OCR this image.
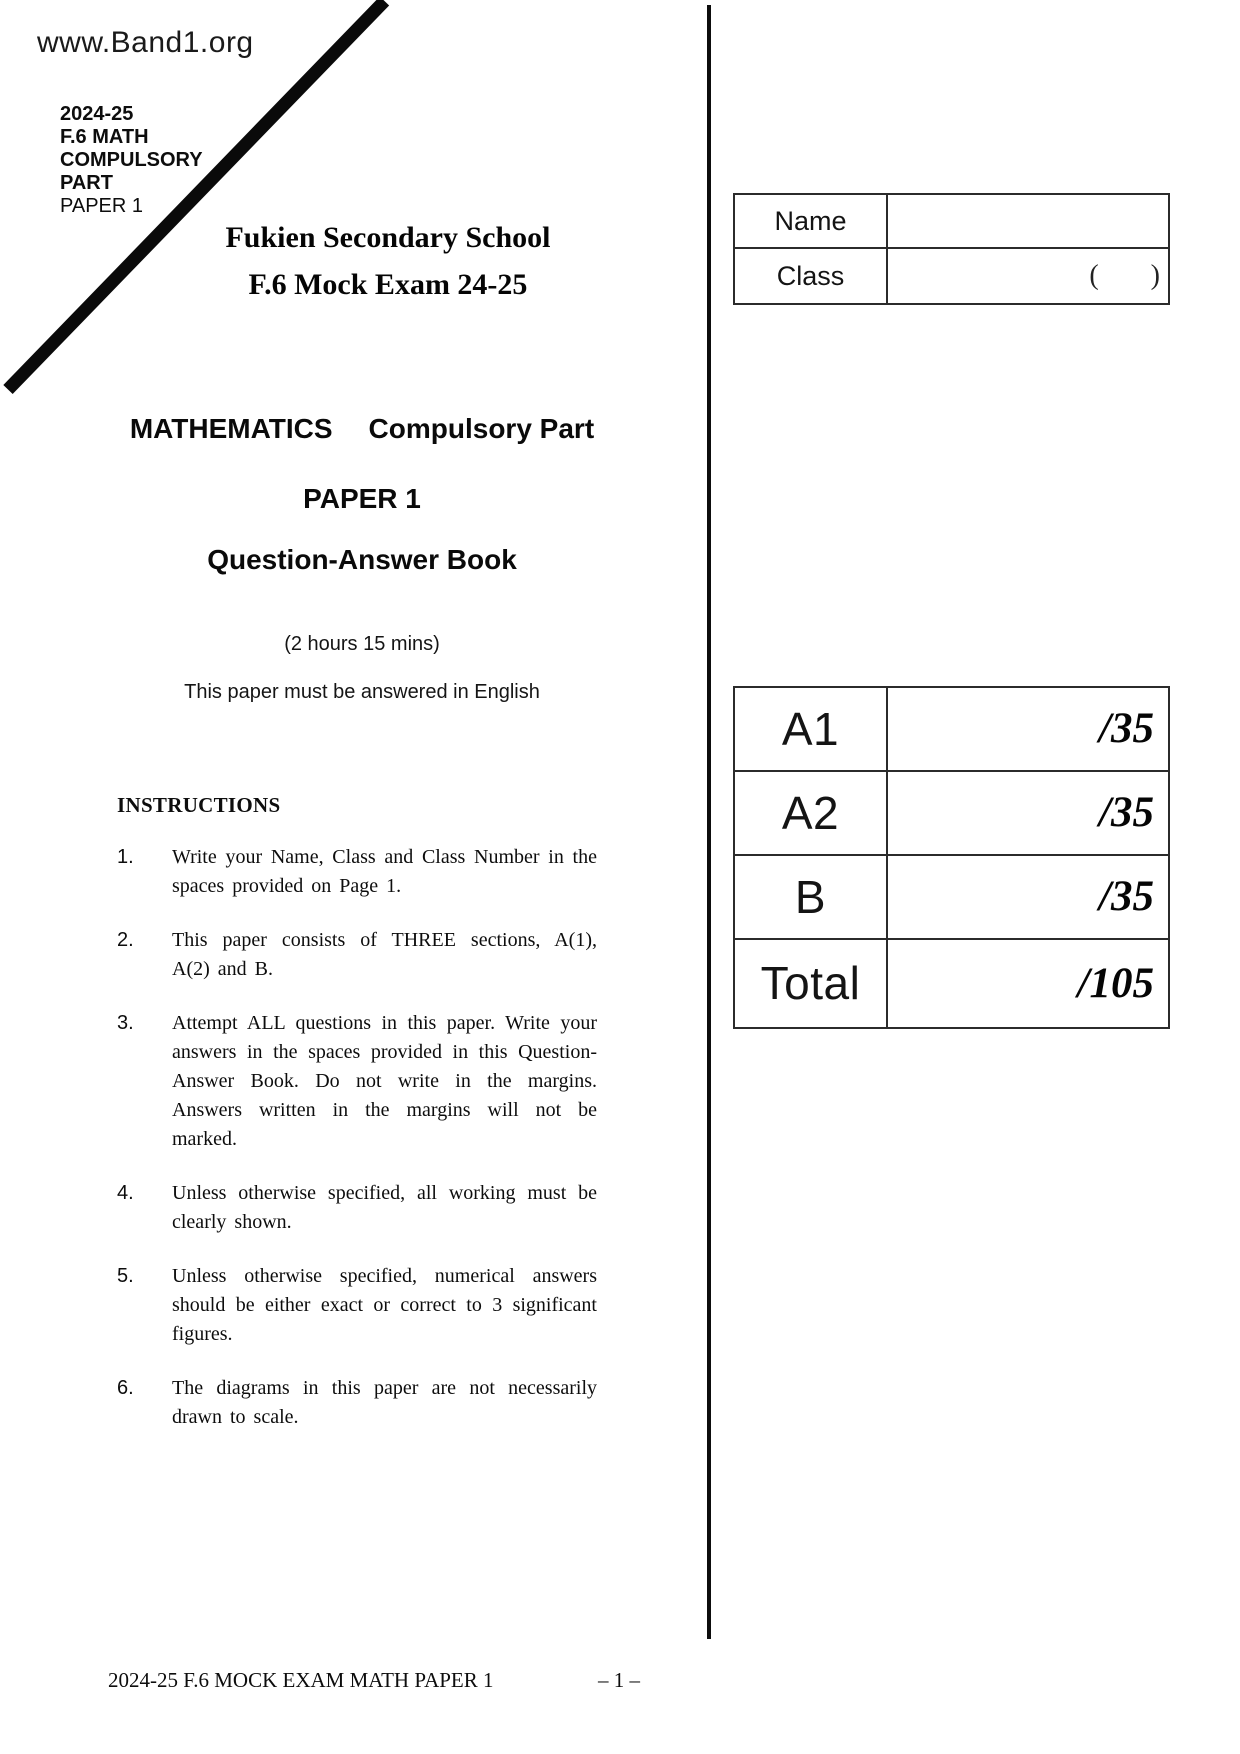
www.Band1.org
2024-25
F.6 MATH
COMPULSORY
PART
PAPER 1
Fukien Secondary School
F.6 Mock Exam 24-25
MATHEMATICS Compulsory Part
PAPER 1
Question-Answer Book
(2 hours 15 mins)
This paper must be answered in English
INSTRUCTIONS
1.	Write your Name, Class and Class Number in the spaces provided on Page 1.
2.	This paper consists of THREE sections, A(1), A(2) and B.
3.	Attempt ALL questions in this paper. Write your answers in the spaces provided in this Question-Answer Book. Do not write in the margins. Answers written in the margins will not be marked.
4.	Unless otherwise specified, all working must be clearly shown.
5.	Unless otherwise specified, numerical answers should be either exact or correct to 3 significant figures.
6.	The diagrams in this paper are not necessarily drawn to scale.
Name
Class	( )
A1	/35
A2	/35
B	/35
Total	/105
2024-25 F.6 MOCK EXAM MATH PAPER 1	– 1 –
